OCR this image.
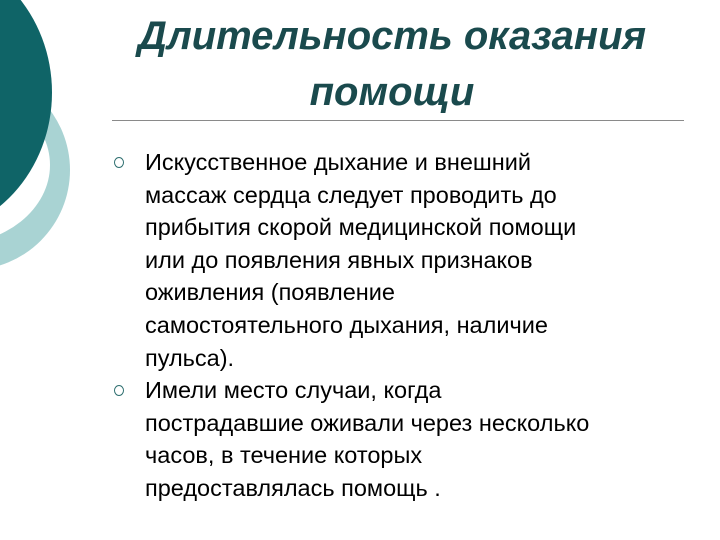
Длительность оказания
помощи
Искусственное дыхание и внешний
массаж сердца следует проводить до
прибытия скорой медицинской помощи
или до появления явных признаков
оживления (появление
самостоятельного дыхания, наличие
пульса).
Имели место случаи, когда
пострадавшие оживали через несколько
часов, в течение которых
предоставлялась помощь .
